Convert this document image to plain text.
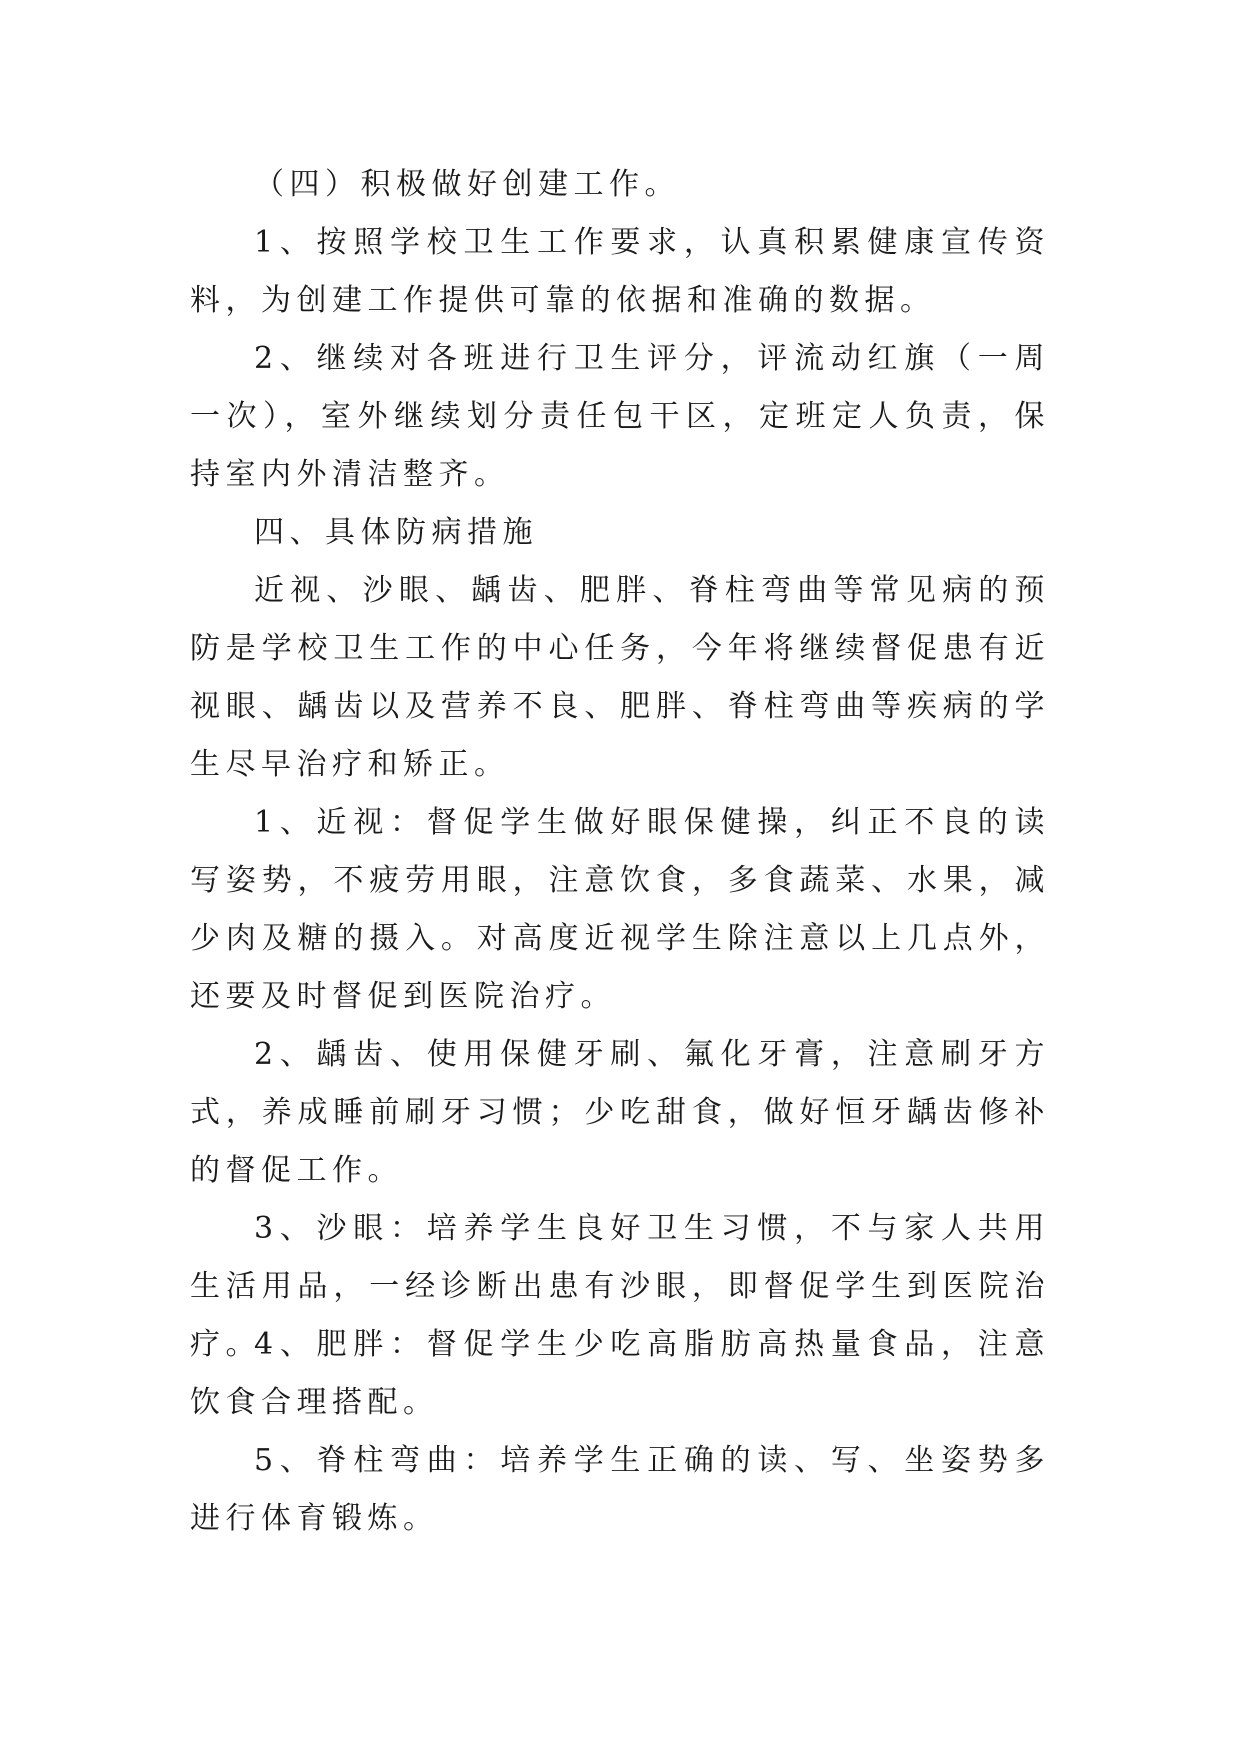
（四）积极做好创建工作。

1、按照学校卫生工作要求，认真积累健康宣传资料，为创建工作提供可靠的依据和准确的数据。

2、继续对各班进行卫生评分，评流动红旗（一周一次），室外继续划分责任包干区，定班定人负责，保持室内外清洁整齐。

四、具体防病措施

近视、沙眼、龋齿、肥胖、脊柱弯曲等常见病的预防是学校卫生工作的中心任务，今年将继续督促患有近视眼、龋齿以及营养不良、肥胖、脊柱弯曲等疾病的学生尽早治疗和矫正。

1、近视：督促学生做好眼保健操，纠正不良的读写姿势，不疲劳用眼，注意饮食，多食蔬菜、水果，减少肉及糖的摄入。对高度近视学生除注意以上几点外，还要及时督促到医院治疗。

2、龋齿、使用保健牙刷、氟化牙膏，注意刷牙方式，养成睡前刷牙习惯；少吃甜食，做好恒牙龋齿修补的督促工作。

3、沙眼：培养学生良好卫生习惯，不与家人共用生活用品，一经诊断出患有沙眼，即督促学生到医院治疗。

4、肥胖：督促学生少吃高脂肪高热量食品，注意饮食合理搭配。

5、脊柱弯曲：培养学生正确的读、写、坐姿势多进行体育锻炼。
